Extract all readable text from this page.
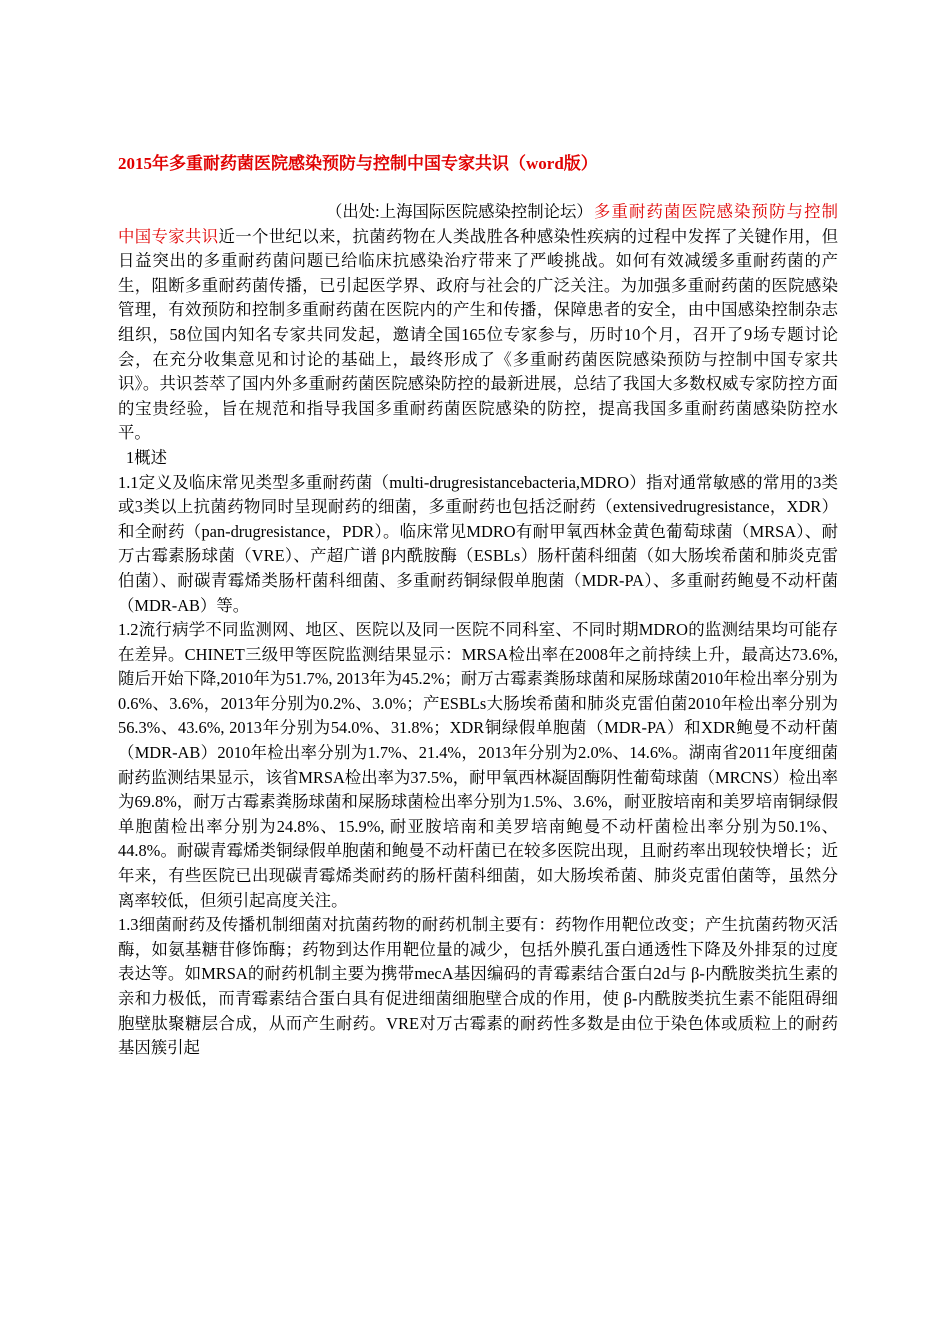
2015年多重耐药菌医院感染预防与控制中国专家共识（word版）

（出处:上海国际医院感染控制论坛）多重耐药菌医院感染预防与控制中国专家共识近一个世纪以来，抗菌药物在人类战胜各种感染性疾病的过程中发挥了关键作用，但日益突出的多重耐药菌问题已给临床抗感染治疗带来了严峻挑战。如何有效减缓多重耐药菌的产生，阻断多重耐药菌传播，已引起医学界、政府与社会的广泛关注。为加强多重耐药菌的医院感染管理，有效预防和控制多重耐药菌在医院内的产生和传播，保障患者的安全，由中国感染控制杂志组织，58位国内知名专家共同发起，邀请全国165位专家参与，历时10个月，召开了9场专题讨论会，在充分收集意见和讨论的基础上，最终形成了《多重耐药菌医院感染预防与控制中国专家共识》。共识荟萃了国内外多重耐药菌医院感染防控的最新进展，总结了我国大多数权威专家防控方面的宝贵经验，旨在规范和指导我国多重耐药菌医院感染的防控，提高我国多重耐药菌感染防控水平。

1概述

1.1定义及临床常见类型多重耐药菌（multi-drugresistancebacteria,MDRO）指对通常敏感的常用的3类或3类以上抗菌药物同时呈现耐药的细菌，多重耐药也包括泛耐药（extensivedrugresistance，XDR）和全耐药（pan-drugresistance，PDR）。临床常见MDRO有耐甲氧西林金黄色葡萄球菌（MRSA）、耐万古霉素肠球菌（VRE）、产超广谱 β内酰胺酶（ESBLs）肠杆菌科细菌（如大肠埃希菌和肺炎克雷伯菌）、耐碳青霉烯类肠杆菌科细菌、多重耐药铜绿假单胞菌（MDR-PA）、多重耐药鲍曼不动杆菌（MDR-AB）等。

1.2流行病学不同监测网、地区、医院以及同一医院不同科室、不同时期MDRO的监测结果均可能存在差异。CHINET三级甲等医院监测结果显示：MRSA检出率在2008年之前持续上升，最高达73.6%, 随后开始下降,2010年为51.7%, 2013年为45.2%；耐万古霉素粪肠球菌和屎肠球菌2010年检出率分别为0.6%、3.6%，2013年分别为0.2%、3.0%；产ESBLs大肠埃希菌和肺炎克雷伯菌2010年检出率分别为56.3%、43.6%, 2013年分别为54.0%、31.8%；XDR铜绿假单胞菌（MDR-PA）和XDR鲍曼不动杆菌（MDR-AB）2010年检出率分别为1.7%、21.4%，2013年分别为2.0%、14.6%。湖南省2011年度细菌耐药监测结果显示，该省MRSA检出率为37.5%，耐甲氧西林凝固酶阴性葡萄球菌（MRCNS）检出率为69.8%，耐万古霉素粪肠球菌和屎肠球菌检出率分别为1.5%、3.6%，耐亚胺培南和美罗培南铜绿假单胞菌检出率分别为24.8%、15.9%, 耐亚胺培南和美罗培南鲍曼不动杆菌检出率分别为50.1%、44.8%。耐碳青霉烯类铜绿假单胞菌和鲍曼不动杆菌已在较多医院出现，且耐药率出现较快增长；近年来，有些医院已出现碳青霉烯类耐药的肠杆菌科细菌，如大肠埃希菌、肺炎克雷伯菌等，虽然分离率较低，但须引起高度关注。

1.3细菌耐药及传播机制细菌对抗菌药物的耐药机制主要有：药物作用靶位改变；产生抗菌药物灭活酶，如氨基糖苷修饰酶；药物到达作用靶位量的减少，包括外膜孔蛋白通透性下降及外排泵的过度表达等。如MRSA的耐药机制主要为携带mecA基因编码的青霉素结合蛋白2d与 β-内酰胺类抗生素的亲和力极低，而青霉素结合蛋白具有促进细菌细胞壁合成的作用，使 β-内酰胺类抗生素不能阻碍细胞壁肽聚糖层合成，从而产生耐药。VRE对万古霉素的耐药性多数是由位于染色体或质粒上的耐药基因簇引起
